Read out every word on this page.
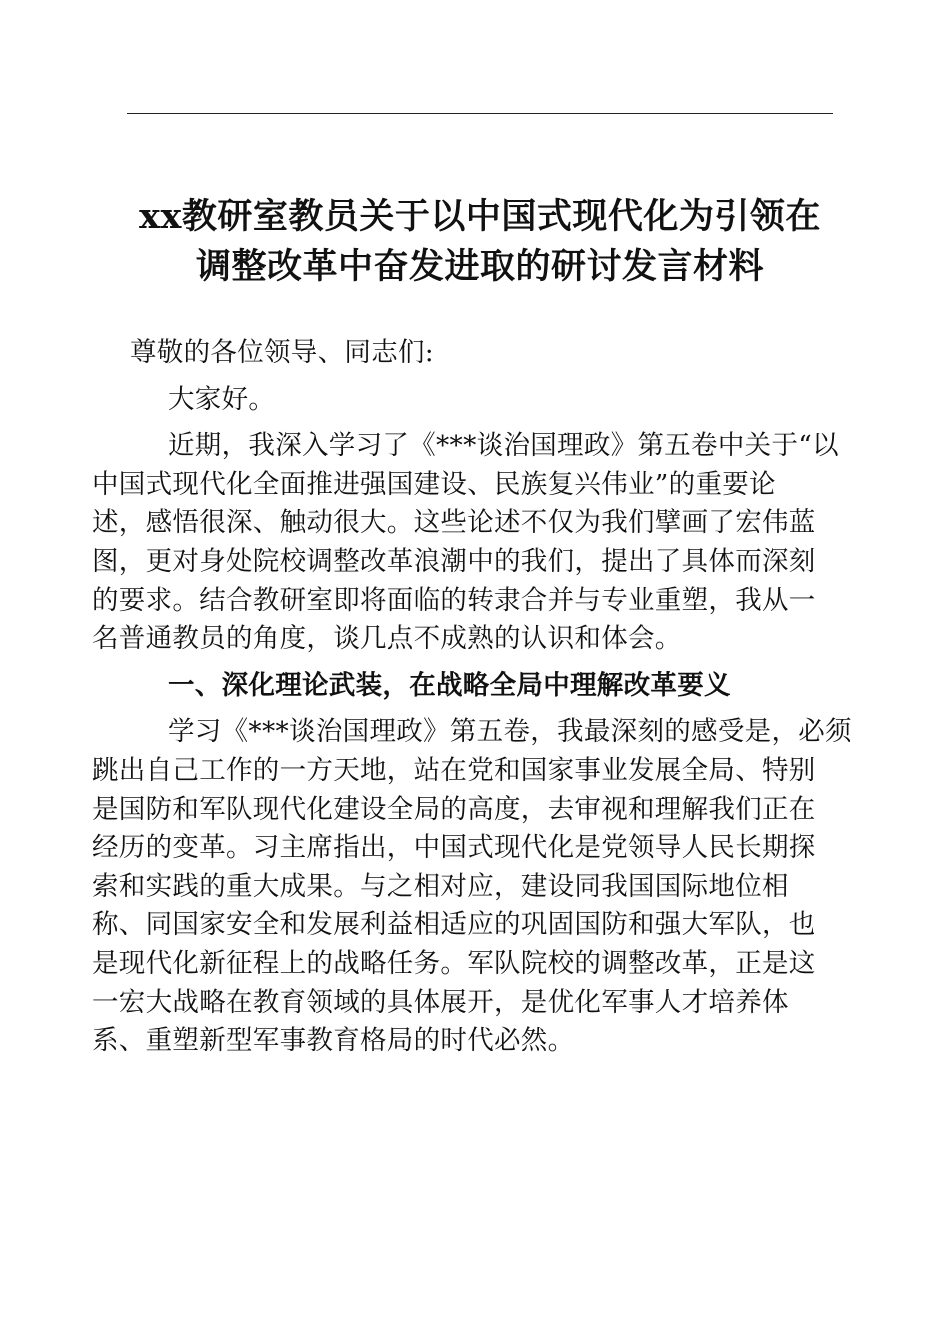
xx教研室教员关于以中国式现代化为引领在
调整改革中奋发进取的研讨发言材料

尊敬的各位领导、同志们:

大家好。

近期，我深入学习了《***谈治国理政》第五卷中关于“以
中国式现代化全面推进强国建设、民族复兴伟业”的重要论
述，感悟很深、触动很大。这些论述不仅为我们擘画了宏伟蓝
图，更对身处院校调整改革浪潮中的我们，提出了具体而深刻
的要求。结合教研室即将面临的转隶合并与专业重塑，我从一
名普通教员的角度，谈几点不成熟的认识和体会。

一、深化理论武装，在战略全局中理解改革要义

学习《***谈治国理政》第五卷，我最深刻的感受是，必须
跳出自己工作的一方天地，站在党和国家事业发展全局、特别
是国防和军队现代化建设全局的高度，去审视和理解我们正在
经历的变革。习主席指出，中国式现代化是党领导人民长期探
索和实践的重大成果。与之相对应，建设同我国国际地位相
称、同国家安全和发展利益相适应的巩固国防和强大军队，也
是现代化新征程上的战略任务。军队院校的调整改革，正是这
一宏大战略在教育领域的具体展开，是优化军事人才培养体
系、重塑新型军事教育格局的时代必然。
